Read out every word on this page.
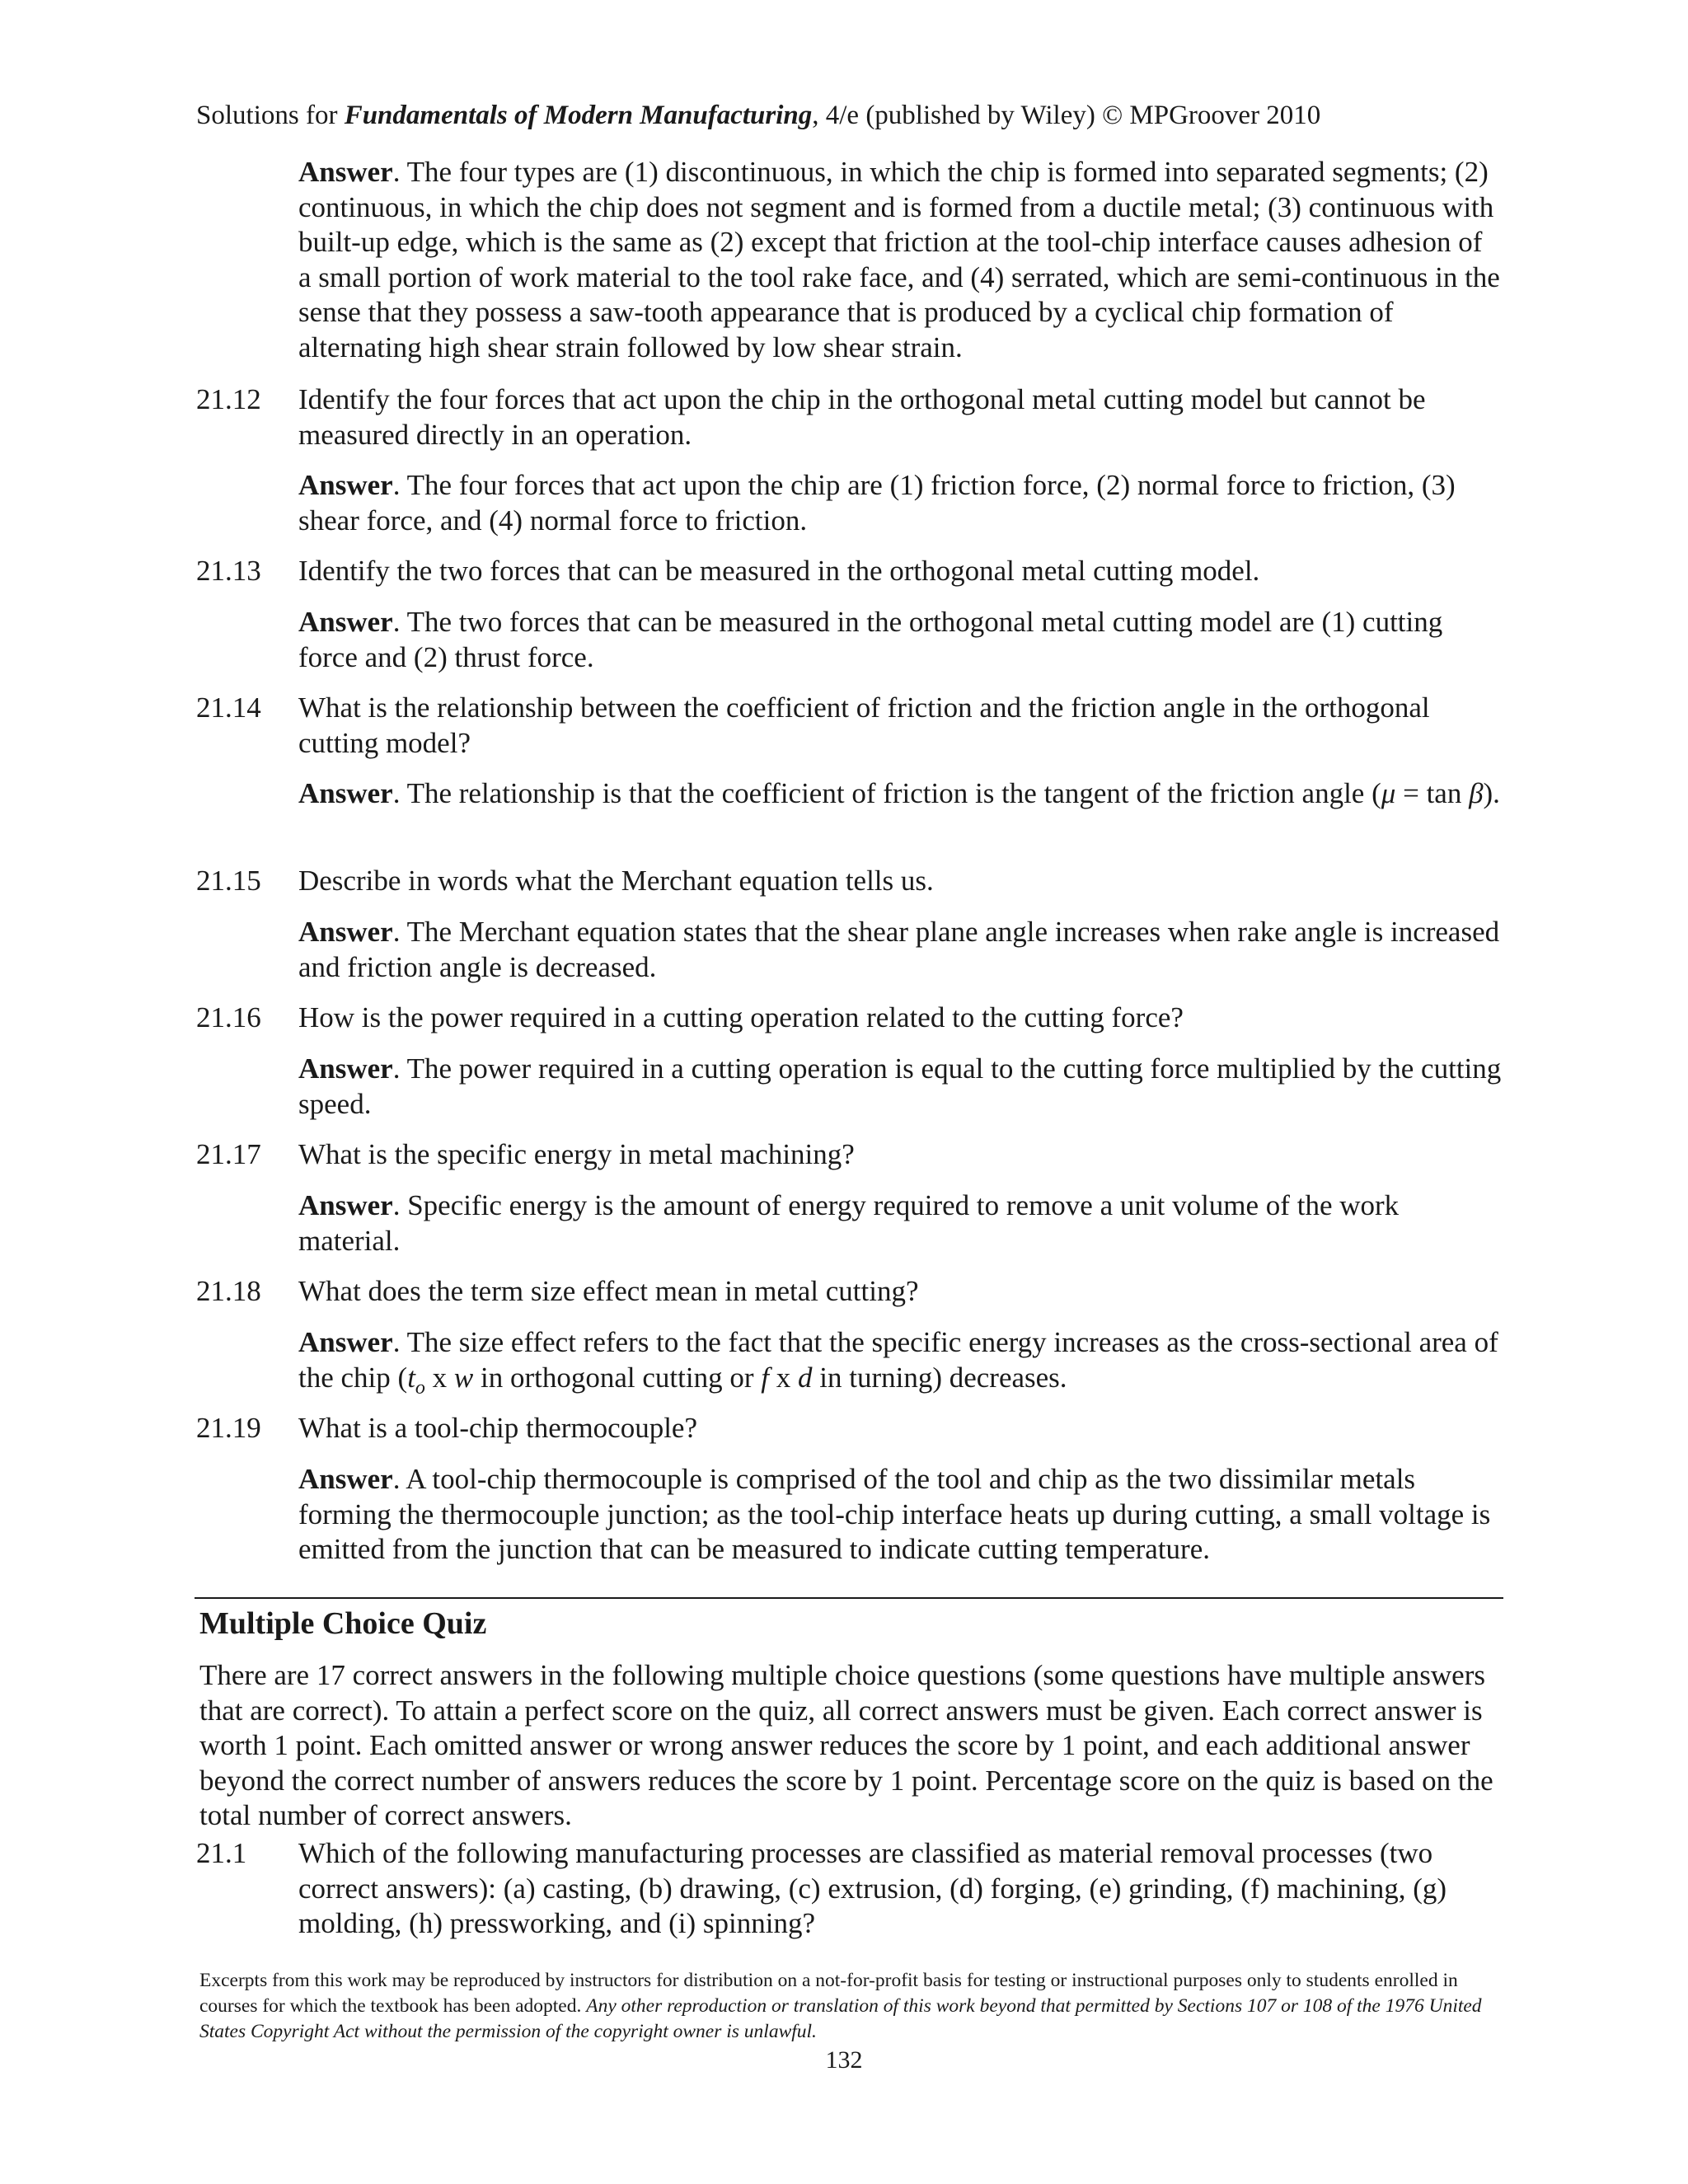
Solutions for Fundamentals of Modern Manufacturing, 4/e (published by Wiley) © MPGroover 2010
Answer. The four types are (1) discontinuous, in which the chip is formed into separated segments; (2) continuous, in which the chip does not segment and is formed from a ductile metal; (3) continuous with built-up edge, which is the same as (2) except that friction at the tool-chip interface causes adhesion of a small portion of work material to the tool rake face, and (4) serrated, which are semi-continuous in the sense that they possess a saw-tooth appearance that is produced by a cyclical chip formation of alternating high shear strain followed by low shear strain.
21.12 Identify the four forces that act upon the chip in the orthogonal metal cutting model but cannot be measured directly in an operation.
Answer. The four forces that act upon the chip are (1) friction force, (2) normal force to friction, (3) shear force, and (4) normal force to friction.
21.13 Identify the two forces that can be measured in the orthogonal metal cutting model.
Answer. The two forces that can be measured in the orthogonal metal cutting model are (1) cutting force and (2) thrust force.
21.14 What is the relationship between the coefficient of friction and the friction angle in the orthogonal cutting model?
Answer. The relationship is that the coefficient of friction is the tangent of the friction angle (μ = tan β).
21.15 Describe in words what the Merchant equation tells us.
Answer. The Merchant equation states that the shear plane angle increases when rake angle is increased and friction angle is decreased.
21.16 How is the power required in a cutting operation related to the cutting force?
Answer. The power required in a cutting operation is equal to the cutting force multiplied by the cutting speed.
21.17 What is the specific energy in metal machining?
Answer. Specific energy is the amount of energy required to remove a unit volume of the work material.
21.18 What does the term size effect mean in metal cutting?
Answer. The size effect refers to the fact that the specific energy increases as the cross-sectional area of the chip ($t_o$ x w in orthogonal cutting or f x d in turning) decreases.
21.19 What is a tool-chip thermocouple?
Answer. A tool-chip thermocouple is comprised of the tool and chip as the two dissimilar metals forming the thermocouple junction; as the tool-chip interface heats up during cutting, a small voltage is emitted from the junction that can be measured to indicate cutting temperature.
Multiple Choice Quiz
There are 17 correct answers in the following multiple choice questions (some questions have multiple answers that are correct). To attain a perfect score on the quiz, all correct answers must be given. Each correct answer is worth 1 point. Each omitted answer or wrong answer reduces the score by 1 point, and each additional answer beyond the correct number of answers reduces the score by 1 point. Percentage score on the quiz is based on the total number of correct answers.
21.1 Which of the following manufacturing processes are classified as material removal processes (two correct answers): (a) casting, (b) drawing, (c) extrusion, (d) forging, (e) grinding, (f) machining, (g) molding, (h) pressworking, and (i) spinning?
Excerpts from this work may be reproduced by instructors for distribution on a not-for-profit basis for testing or instructional purposes only to students enrolled in courses for which the textbook has been adopted. Any other reproduction or translation of this work beyond that permitted by Sections 107 or 108 of the 1976 United States Copyright Act without the permission of the copyright owner is unlawful.
132
